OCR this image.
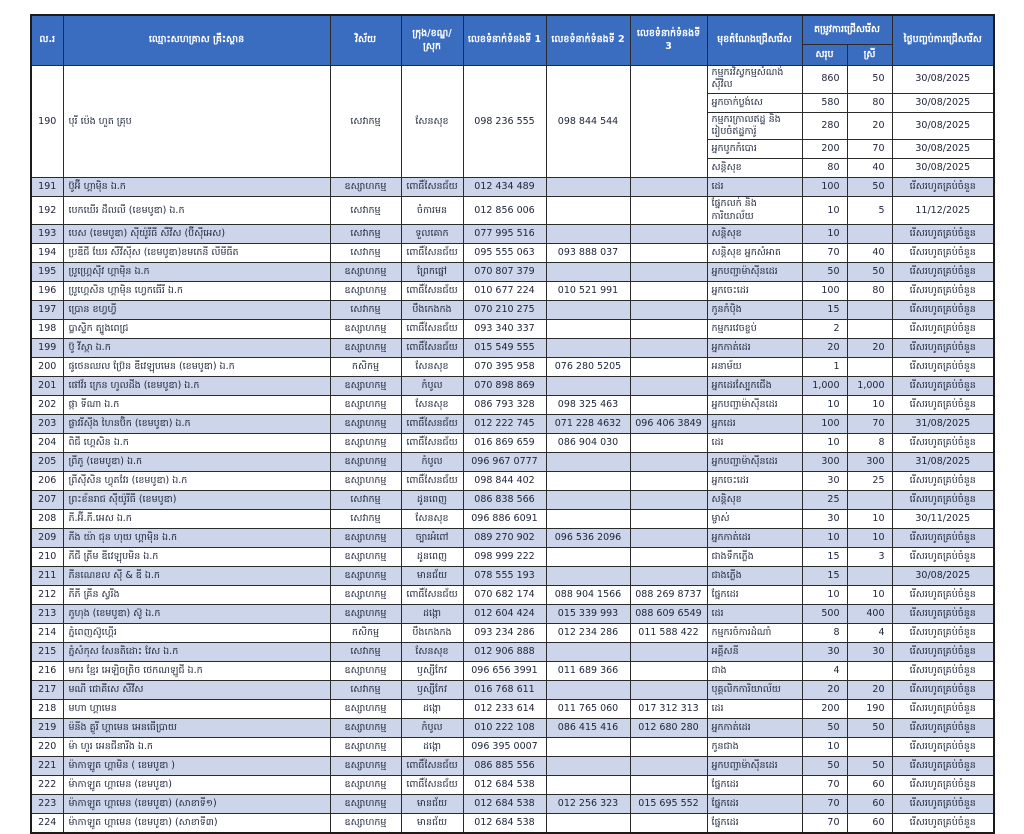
ល.រ	ឈ្មោះសហគ្រាស គ្រឹះស្ថាន	វិស័យ	ក្រុង/ខណ្ឌ/ស្រុក	លេខទំនាក់ទំនងទី 1	លេខទំនាក់ទំនងទី 2	លេខទំនាក់ទំនងទី 3	មុខតំណែងជ្រើសរើស	តម្រូវការជ្រើសរើស		ថ្ងៃបញ្ចប់ការជ្រើសរើស
								សរុប	ស្រី	
190	បុរី ប៉េង ហួត គ្រុប	សេវាកម្ម	សែនសុខ	098 236 555	098 844 544		កម្មករវិស្វកម្មសំណង់ស៊ីវិល	860	50	30/08/2025
							អ្នកចាក់ប្លង់សេ	580	80	30/08/2025
							កម្មករក្រាលឥដ្ឋ និងរៀបចំឥដ្ឋការ៉ូ	280	20	30/08/2025
							អ្នកបូកកំបោរ	200	70	30/08/2025
							សន្តិសុខ	80	40	30/08/2025
191	ប៊ូអ៊ី ហ្គាម៉ិន ឯ.ក	ឧស្សាហកម្ម	ពោធិ៍សែនជ័យ	012 434 489			ដេរ	100	50	រើសរហូតគ្រប់ចំនួន
192	បេកឃើរ ដឺលលី (ខេមបូឌា) ឯ.ក	សេវាកម្ម	ចំការមន	012 856 006			ផ្នែកលក់ និងការិយាល័យ	10	5	11/12/2025
193	បេស (ខេមបូឌា) ស៊ីយ៉ូរីធី សឺវីស (ប៊ីស៊ីអេស)	សេវាកម្ម	ទួលគោក	077 995 516			សន្តិសុខ	10		រើសរហូតគ្រប់ចំនួន
194	ប្រឌីជី ឃែរ សឺវីស៊ីស (ខេមបូឌា)ខមភេនី លីមីធីត	សេវាកម្ម	ពោធិ៍សែនជ័យ	095 555 063	093 888 037		សន្តិសុខ អ្នកសំអាត	70	40	រើសរហូតគ្រប់ចំនួន
195	ប្រូហ្គ្រេស៊ីវ ហ្គាម៉ិន ឯ.ក	ឧស្សាហកម្ម	ព្រែកផ្នៅ	070 807 379			អ្នកបញ្ជាម៉ាស៊ីនដេរ	50	50	រើសរហូតគ្រប់ចំនួន
196	ប្រូហ្គេសិន ហ្គាម៉ិន ហ្វេកធើរី ឯ.ក	ឧស្សាហកម្ម	ពោធិ៍សែនជ័យ	010 677 224	010 521 991		អ្នកចេះដេរ	100	80	រើសរហូតគ្រប់ចំនួន
197	ប្រោន ខហ្វហ្វី	សេវាកម្ម	បឹងកេងកង	070 210 275			កូនកំប៉ិង	15		រើសរហូតគ្រប់ចំនួន
198	ប្លាស្ទិក ត្បូងពេជ្រ	ឧស្សាហកម្ម	ពោធិ៍សែនជ័យ	093 340 337			កម្មករវេចខ្ចប់	2		រើសរហូតគ្រប់ចំនួន
199	ប៊ូ វីស្កា ឯ.ក	ឧស្សាហកម្ម	ពោធិ៍សែនជ័យ	015 549 555			អ្នកកាត់ដេរ	20	20	រើសរហូតគ្រប់ចំនួន
200	ផូថេនឈល ប្រ៊ែន ឌីវេឡុបមេន (ខេមបូឌា) ឯ.ក	កសិកម្ម	សែនសុខ	070 395 958	076 280 5205		អនាម័យ	1		រើសរហូតគ្រប់ចំនួន
201	ផៅវ័រ ក្រេន ហូលដីង (ខេមបូឌា) ឯ.ក	ឧស្សាហកម្ម	កំបូល	070 898 869			អ្នកដេរស្បែកជើង	1,000	1,000	រើសរហូតគ្រប់ចំនួន
202	ផ្កា ទីណា ឯ.ក	ឧស្សាហកម្ម	សែនសុខ	086 793 328	098 325 463		អ្នកបញ្ជាម៉ាស៊ីនដេរ	10	10	រើសរហូតគ្រប់ចំនួន
203	ផ្លាវរីស៊ីង ហៃនប៊ិក (ខេមបូឌា) ឯ.ក	ឧស្សាហកម្ម	ពោធិ៍សែនជ័យ	012 222 745	071 228 4632	096 406 3849	អ្នកដេរ	100	70	31/08/2025
204	ពិជី ហ្គេសិន ឯ.ក	ឧស្សាហកម្ម	ពោធិ៍សែនជ័យ	016 869 659	086 904 030		ដេរ	10	8	រើសរហូតគ្រប់ចំនួន
205	ព្រីភូ (ខេមបូឌា) ឯ.ក	ឧស្សាហកម្ម	កំបូល	096 967 0777			អ្នកបញ្ជាម៉ាស៊ីនដេរ	300	300	31/08/2025
206	ព្រីស៊ីសិន ហ្វុតវែរ (ខេមបូឌា) ឯ.ក	ឧស្សាហកម្ម	ពោធិ៍សែនជ័យ	098 844 402			អ្នកចេះដេរ	30	25	រើសរហូតគ្រប់ចំនួន
207	ព្រះខ័នរាជ ស៊ីយ៉ូរីធី (ខេមបូឌា)	សេវាកម្ម	ដូនពេញ	086 838 566			សន្តិសុខ	25		រើសរហូតគ្រប់ចំនួន
208	ភី.អ៊ី.ភី.អេស ឯ.ក	សេវាកម្ម	សែនសុខ	096 886 6091			ម្ចាស់	30	10	30/11/2025
209	ភីង យ៉ា ជុន ហុយ ហ្គាម៉ិន ឯ.ក	ឧស្សាហកម្ម	ច្បារអំពៅ	089 270 902	096 536 2096		អ្នកកាត់ដេរ	10	10	រើសរហូតគ្រប់ចំនួន
210	ភីជី ត្រីម ឌីវេឡុបមិន ឯ.ក	ឧស្សាហកម្ម	ដូនពេញ	098 999 222			ជាងទឹកភ្លើង	15	3	រើសរហូតគ្រប់ចំនួន
211	ភីនណេខល ស៊ី & ឌី ឯ.ក	ឧស្សាហកម្ម	មានជ័យ	078 555 193			ជាងភ្លើង	15		30/08/2025
212	ភីភី គ្រីន ស្វរីង	ឧស្សាហកម្ម	ពោធិ៍សែនជ័យ	070 682 174	088 904 1566	088 269 8737	ផ្នែកដេរ	10	10	រើសរហូតគ្រប់ចំនួន
213	ភូហុង (ខេមបូឌា) ស៊ូ ឯ.ក	ឧស្សាហកម្ម	ដង្កោ	012 604 424	015 339 993	088 609 6549	ដេរ	500	400	រើសរហូតគ្រប់ចំនួន
214	ភ្នំពេញស៊ូហ្គើរ	កសិកម្ម	បឹងកេងកង	093 234 286	012 234 286	011 588 422	កម្មករចំការដំណាំ	8	4	រើសរហូតគ្រប់ចំនួន
215	ភ្នំសំកុស សែនតិដោះ វែស ឯ.ក	សេវាកម្ម	សែនសុខ	012 906 888			អគ្គីសនី	30	30	រើសរហូតគ្រប់ចំនួន
216	មករ ខ្មែរ អេឡិចត្រិច ថេកណឡូជី ឯ.ក	ឧស្សាហកម្ម	ឫស្សីកែវ	096 656 3991	011 689 366		ជាង	4		រើសរហូតគ្រប់ចំនួន
217	មណី ជោគីសេ សឺវីស	សេវាកម្ម	ឫស្សីកែវ	016 768 611			បុគ្គលិកការិយាល័យ	20	20	រើសរហូតគ្រប់ចំនួន
218	មហា ហ្គាមេន	ឧស្សាហកម្ម	ដង្កោ	012 233 614	011 765 060	017 312 313	ដេរ	200	190	រើសរហូតគ្រប់ចំនួន
219	ម៉នីង គ្លូរី ហ្គាមេន អេនធើប្រាយ	ឧស្សាហកម្ម	កំបូល	010 222 108	086 415 416	012 680 280	អ្នកកាត់ដេរ	50	50	រើសរហូតគ្រប់ចំនួន
220	ម៉ា ហួរ អេនជីនារីង ឯ.ក	ឧស្សាហកម្ម	ដង្កោ	096 395 0007			កូនជាង	10		រើសរហូតគ្រប់ចំនួន
221	ម៉ាកាឡូត ហ្គាមិន ( ខេមបូឌា )	ឧស្សាហកម្ម	ពោធិ៍សែនជ័យ	086 885 556			អ្នកបញ្ជាម៉ាស៊ីនដេរ	50	50	រើសរហូតគ្រប់ចំនួន
222	ម៉ាកាឡូត ហ្គាមេន (ខេមបូឌា)	ឧស្សាហកម្ម	ពោធិ៍សែនជ័យ	012 684 538			ផ្នែកដេរ	70	60	រើសរហូតគ្រប់ចំនួន
223	ម៉ាកាឡូត ហ្គាមេន (ខេមបូឌា) (សាខាទី១)	ឧស្សាហកម្ម	មានជ័យ	012 684 538	012 256 323	015 695 552	ផ្នែកដេរ	70	60	រើសរហូតគ្រប់ចំនួន
224	ម៉ាកាឡូត ហ្គាមេន (ខេមបូឌា) (សាខាទី៣)	ឧស្សាហកម្ម	មានជ័យ	012 684 538			ផ្នែកដេរ	70	60	រើសរហូតគ្រប់ចំនួន
